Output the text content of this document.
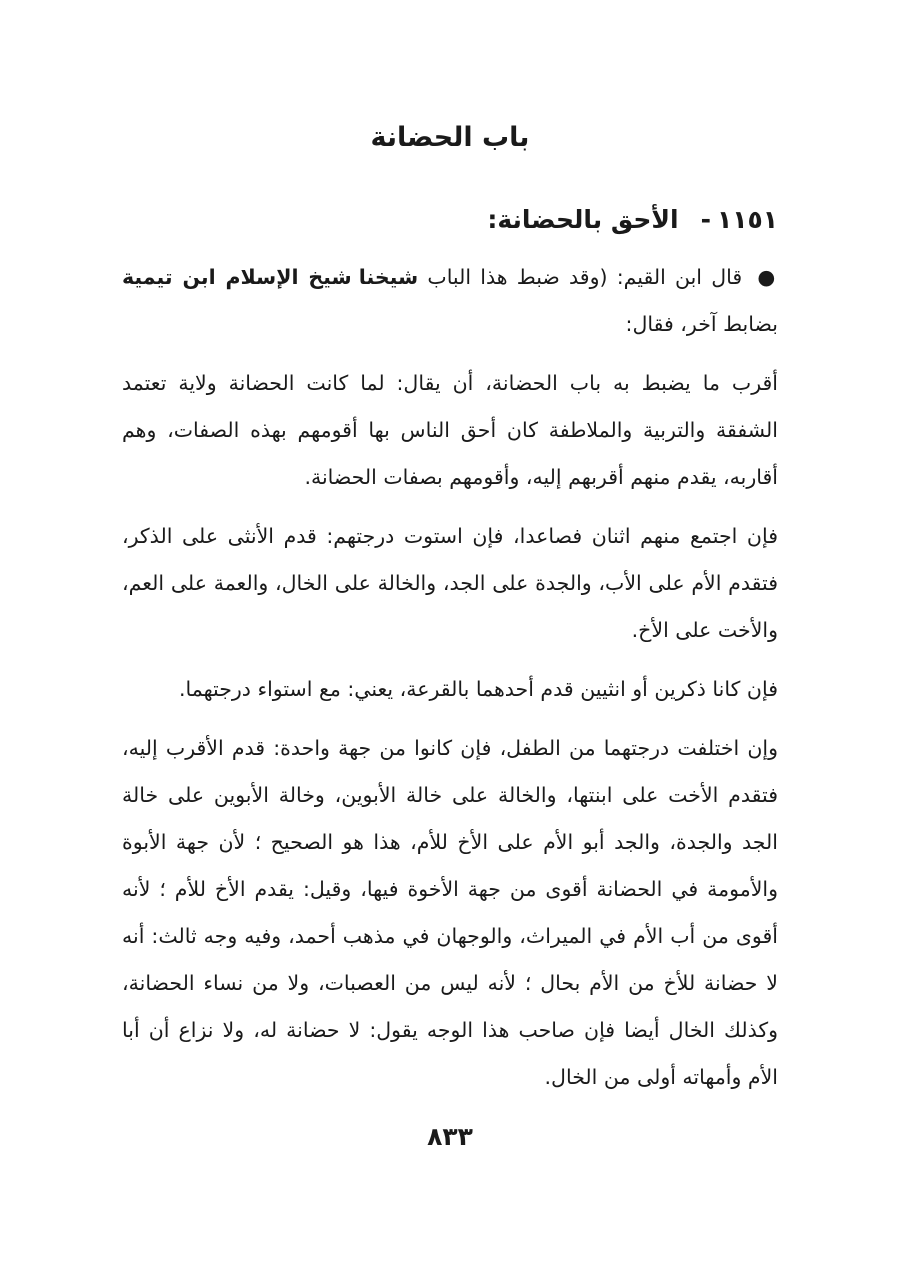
باب الحضانة
١١٥١-الأحق بالحضانة:

● قال ابن القيم: (وقد ضبط هذا الباب شيخنا شيخ الإسلام ابن تيمية بضابط آخر، فقال:

أقرب ما يضبط به باب الحضانة، أن يقال: لما كانت الحضانة ولاية تعتمد الشفقة والتربية والملاطفة كان أحق الناس بها أقومهم بهذه الصفات، وهم أقاربه، يقدم منهم أقربهم إليه، وأقومهم بصفات الحضانة.

فإن اجتمع منهم اثنان فصاعدا، فإن استوت درجتهم: قدم الأنثى على الذكر، فتقدم الأم على الأب، والجدة على الجد، والخالة على الخال، والعمة على العم، والأخت على الأخ.

فإن كانا ذكرين أو انثيين قدم أحدهما بالقرعة، يعني: مع استواء درجتهما.

وإن اختلفت درجتهما من الطفل، فإن كانوا من جهة واحدة: قدم الأقرب إليه، فتقدم الأخت على ابنتها، والخالة على خالة الأبوين، وخالة الأبوين على خالة الجد والجدة، والجد أبو الأم على الأخ للأم، هذا هو الصحيح ؛ لأن جهة الأبوة والأمومة في الحضانة أقوى من جهة الأخوة فيها، وقيل: يقدم الأخ للأم ؛ لأنه أقوى من أب الأم في الميراث، والوجهان في مذهب أحمد، وفيه وجه ثالث: أنه لا حضانة للأخ من الأم بحال ؛ لأنه ليس من العصبات، ولا من نساء الحضانة، وكذلك الخال أيضا فإن صاحب هذا الوجه يقول: لا حضانة له، ولا نزاع أن أبا الأم وأمهاته أولى من الخال.

٨٣٣
